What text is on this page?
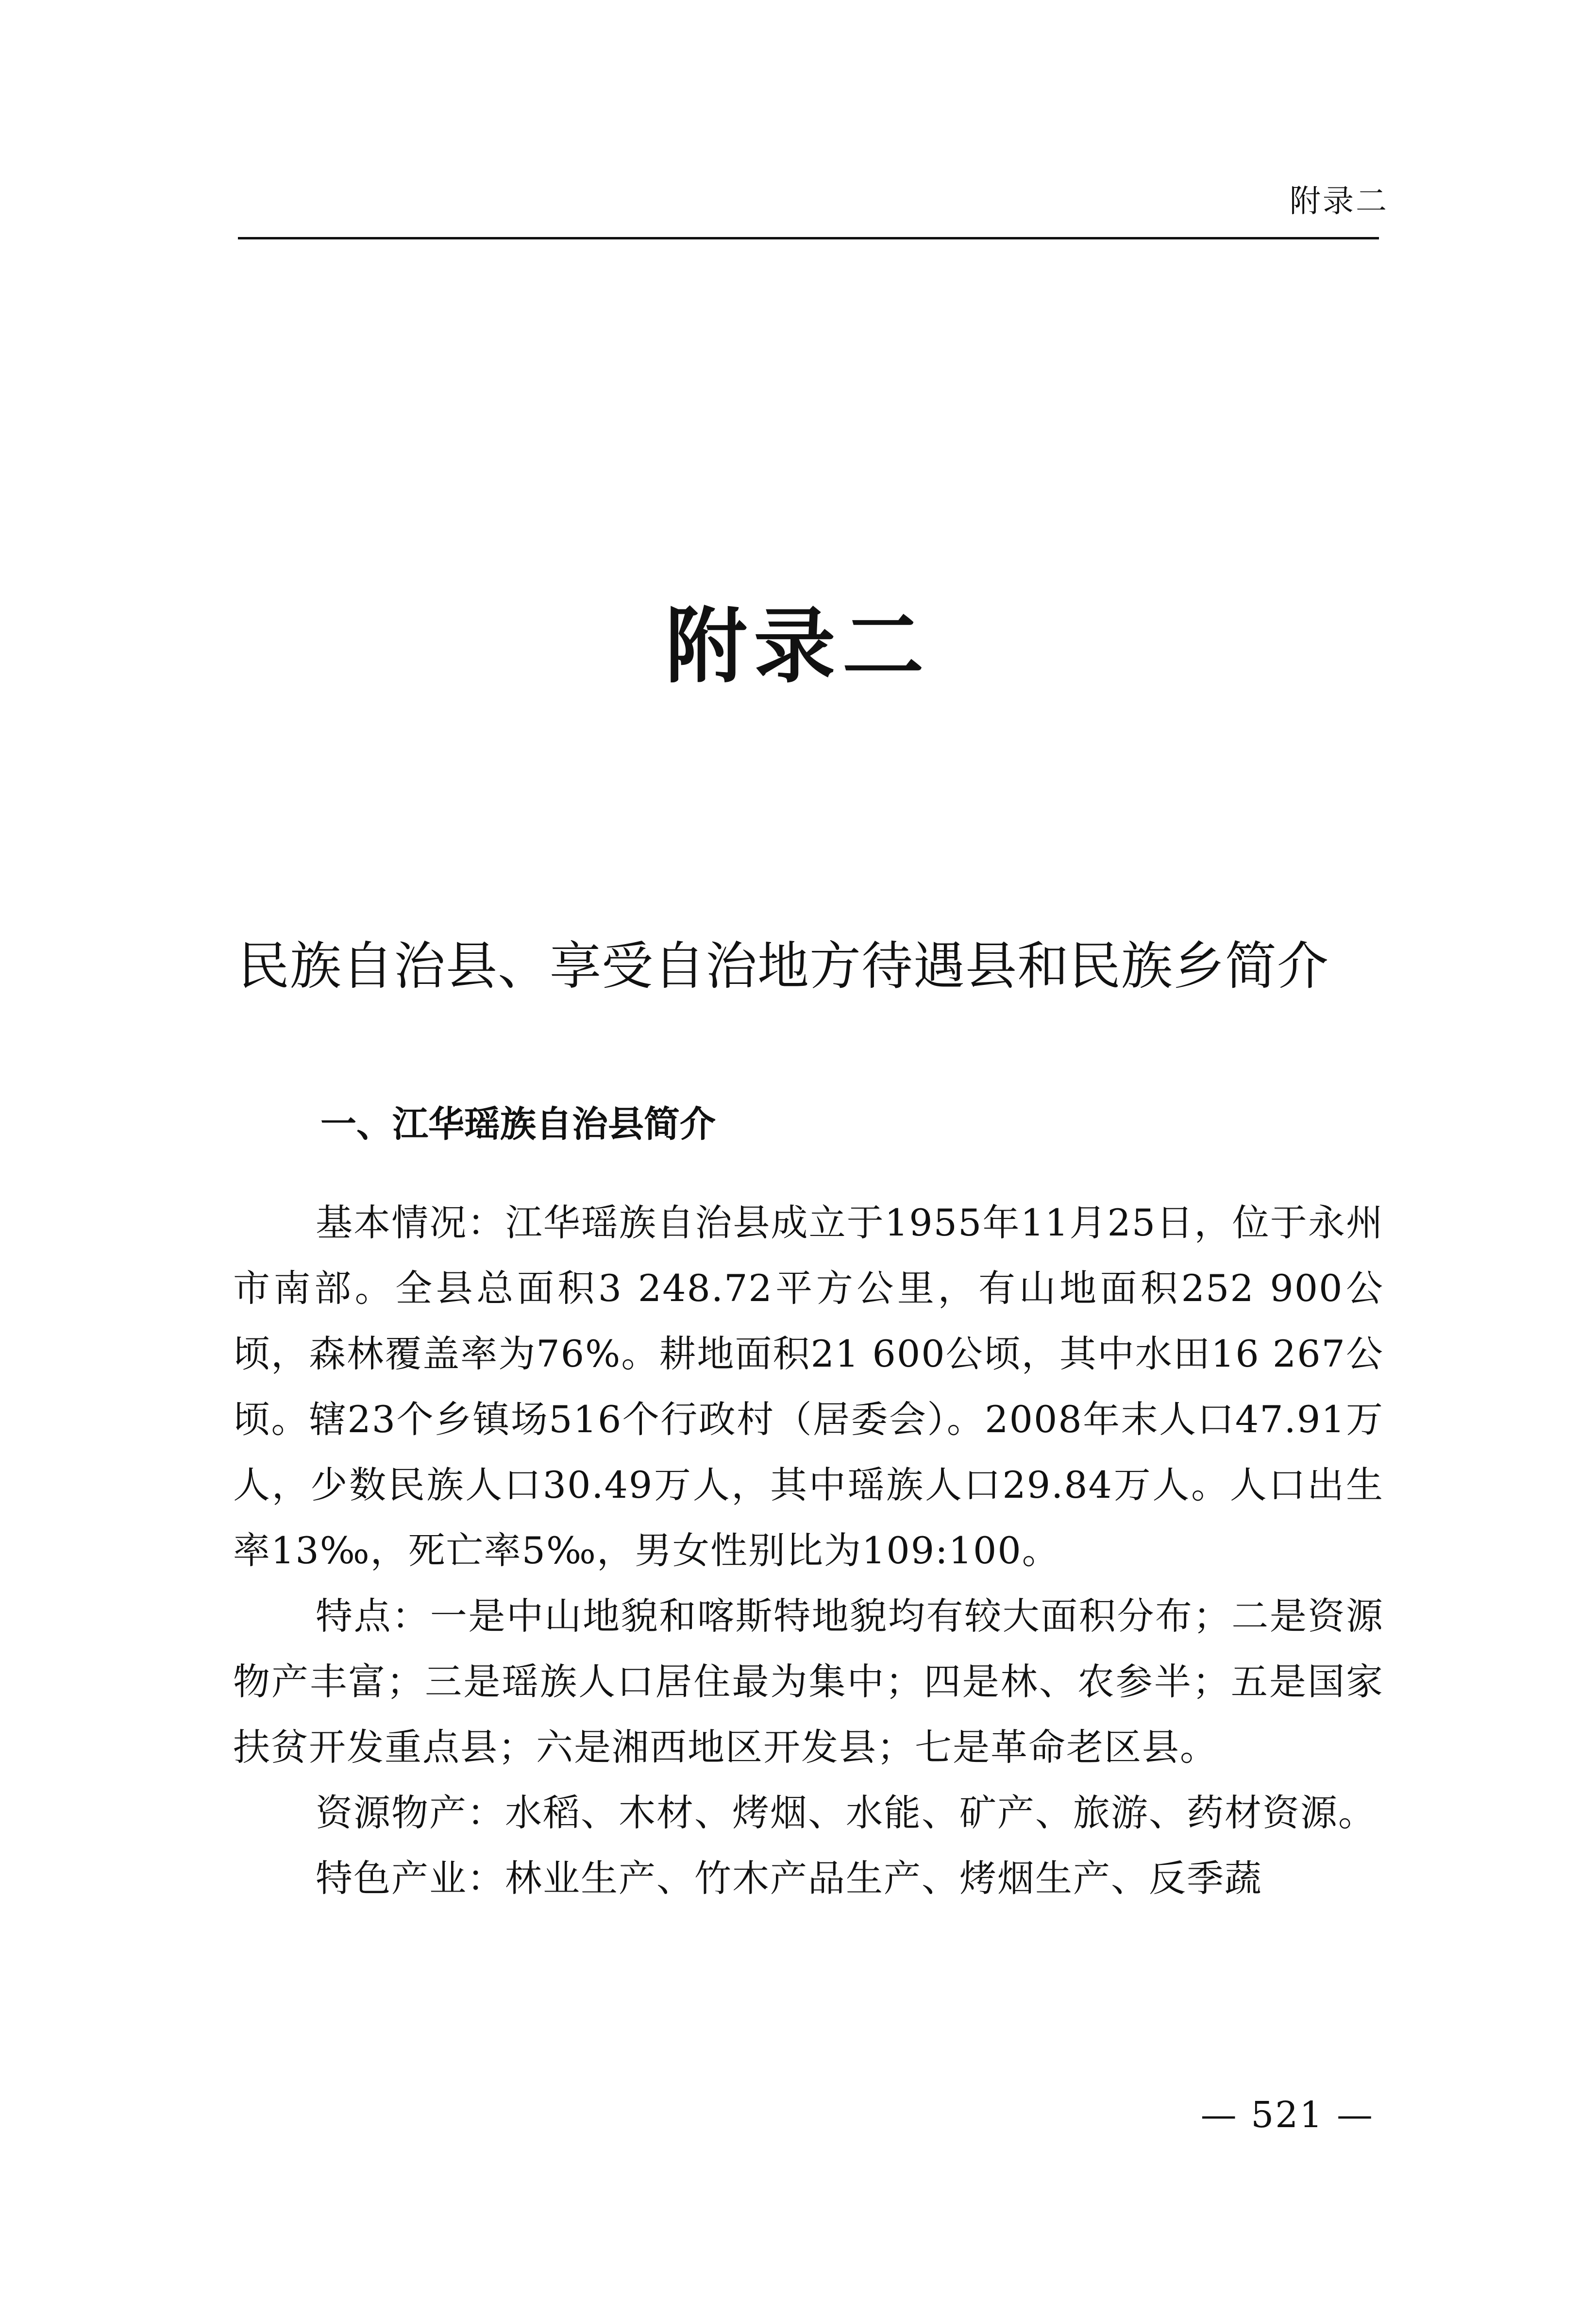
附录二
附录二
民族自治县、享受自治地方待遇县和民族乡简介
一、江华瑶族自治县简介

基本情况：江华瑶族自治县成立于1955年11月25日，位于永州市南部。全县总面积3 248.72平方公里，有山地面积252 900公顷，森林覆盖率为76%。耕地面积21 600公顷，其中水田16 267公顷。辖23个乡镇场516个行政村（居委会）。2008年末人口47.91万人，少数民族人口30.49万人，其中瑶族人口29.84万人。人口出生率13‰，死亡率5‰，男女性别比为109:100。

特点：一是中山地貌和喀斯特地貌均有较大面积分布；二是资源物产丰富；三是瑶族人口居住最为集中；四是林、农参半；五是国家扶贫开发重点县；六是湘西地区开发县；七是革命老区县。

资源物产：水稻、木材、烤烟、水能、矿产、旅游、药材资源。

特色产业：林业生产、竹木产品生产、烤烟生产、反季蔬

— 521 —
